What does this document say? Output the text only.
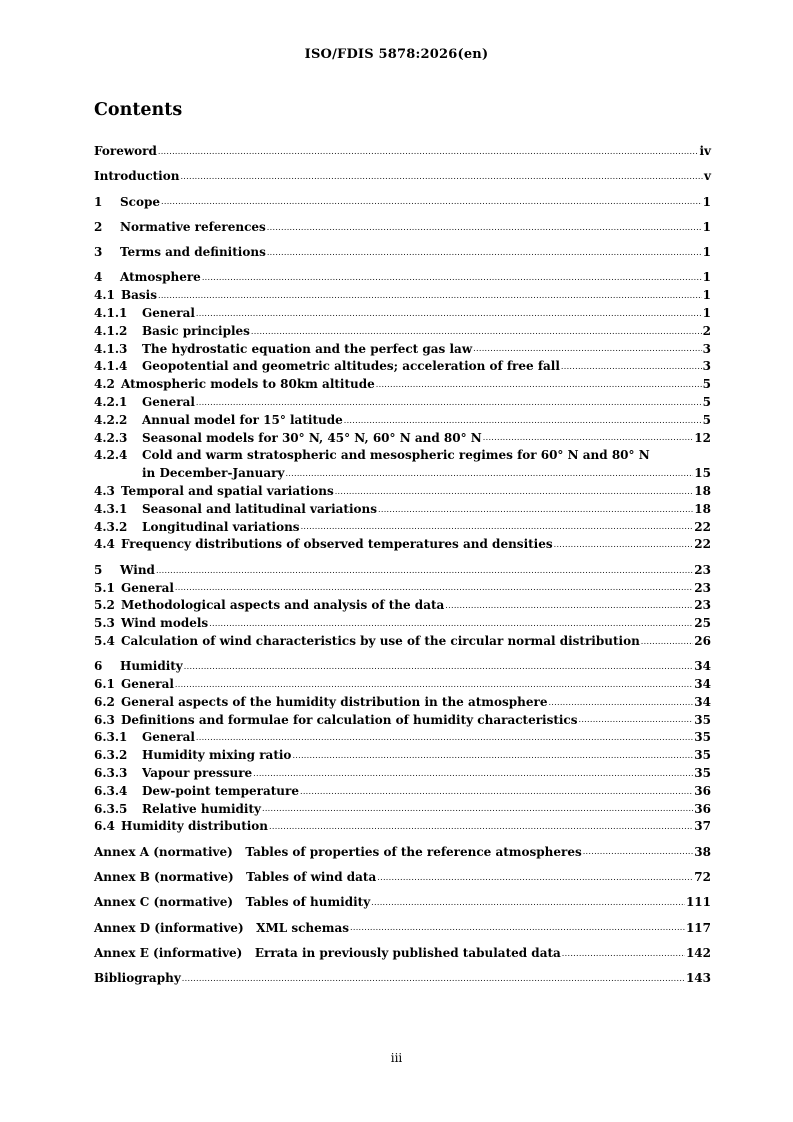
ISO/FDIS 5878:2026(en)
Contents
Foreword .....	iv
Introduction .....	v
1	Scope .....	1
2	Normative references .....	1
3	Terms and definitions .....	1
4	Atmosphere .....	1
4.1 Basis .....	1
4.1.1	General .....	1
4.1.2	Basic principles .....	2
4.1.3	The hydrostatic equation and the perfect gas law .....	3
4.1.4	Geopotential and geometric altitudes; acceleration of free fall .....	3
4.2 Atmospheric models to 80km altitude .....	5
4.2.1	General .....	5
4.2.2	Annual model for 15° latitude .....	5
4.2.3	Seasonal models for 30° N, 45° N, 60° N and 80° N .....	12
4.2.4	Cold and warm stratospheric and mesospheric regimes for 60° N and 80° N
in December-January .....	15
4.3 Temporal and spatial variations .....	18
4.3.1	Seasonal and latitudinal variations .....	18
4.3.2	Longitudinal variations .....	22
4.4 Frequency distributions of observed temperatures and densities .....	22
5	Wind .....	23
5.1 General .....	23
5.2 Methodological aspects and analysis of the data .....	23
5.3 Wind models .....	25
5.4 Calculation of wind characteristics by use of the circular normal distribution .....	26
6	Humidity .....	34
6.1 General .....	34
6.2 General aspects of the humidity distribution in the atmosphere .....	34
6.3 Definitions and formulae for calculation of humidity characteristics .....	35
6.3.1	General .....	35
6.3.2	Humidity mixing ratio .....	35
6.3.3	Vapour pressure .....	35
6.3.4	Dew-point temperature .....	36
6.3.5	Relative humidity .....	36
6.4 Humidity distribution .....	37
Annex A (normative)   Tables of properties of the reference atmospheres .....	38
Annex B (normative)   Tables of wind data .....	72
Annex C (normative)   Tables of humidity .....	111
Annex D (informative)   XML schemas .....	117
Annex E (informative)   Errata in previously published tabulated data .....	142
Bibliography .....	143
iii
